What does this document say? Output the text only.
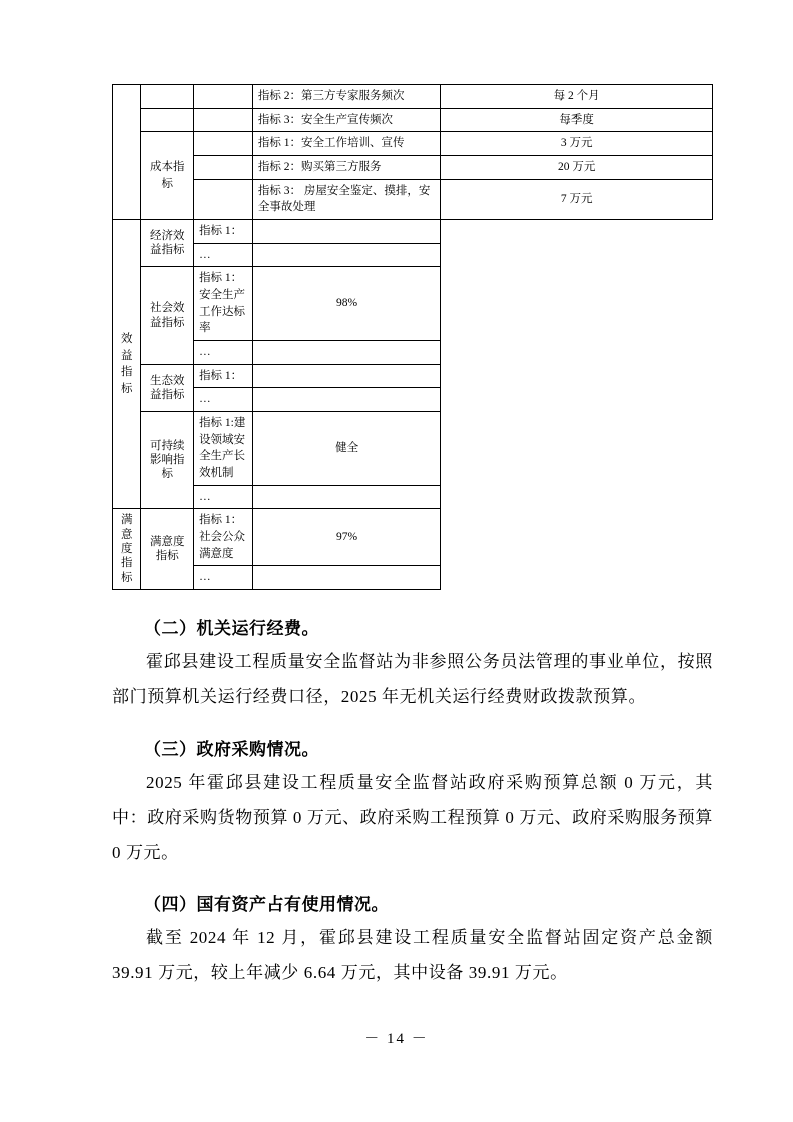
			指标 2：第三方专家服务频次	每 2 个月
			指标 3：安全生产宣传频次	每季度
	成本指标		指标 1：安全工作培训、宣传	3 万元
			指标 2：购买第三方服务	20 万元
			指标 3： 房屋安全鉴定、摸排，安全事故处理	7 万元
效益指标	经济效益指标	指标 1：		
		…		
	社会效益指标	指标 1：安全生产工作达标率	98%	
		…		
	生态效益指标	指标 1：		
		…		
	可持续影响指标	指标 1:建设领域安全生产长效机制	健全	
		…		
满意度指标	满意度指标	指标 1：社会公众满意度	97%	
		…		
（二）机关运行经费。

霍邱县建设工程质量安全监督站为非参照公务员法管理的事业单位，按照部门预算机关运行经费口径，2025 年无机关运行经费财政拨款预算。

（三）政府采购情况。

2025 年霍邱县建设工程质量安全监督站政府采购预算总额 0 万元，其中：政府采购货物预算 0 万元、政府采购工程预算 0 万元、政府采购服务预算 0 万元。

（四）国有资产占有使用情况。

截至 2024 年 12 月，霍邱县建设工程质量安全监督站固定资产总金额 39.91 万元，较上年减少 6.64 万元，其中设备 39.91 万元。

－ 14 －
